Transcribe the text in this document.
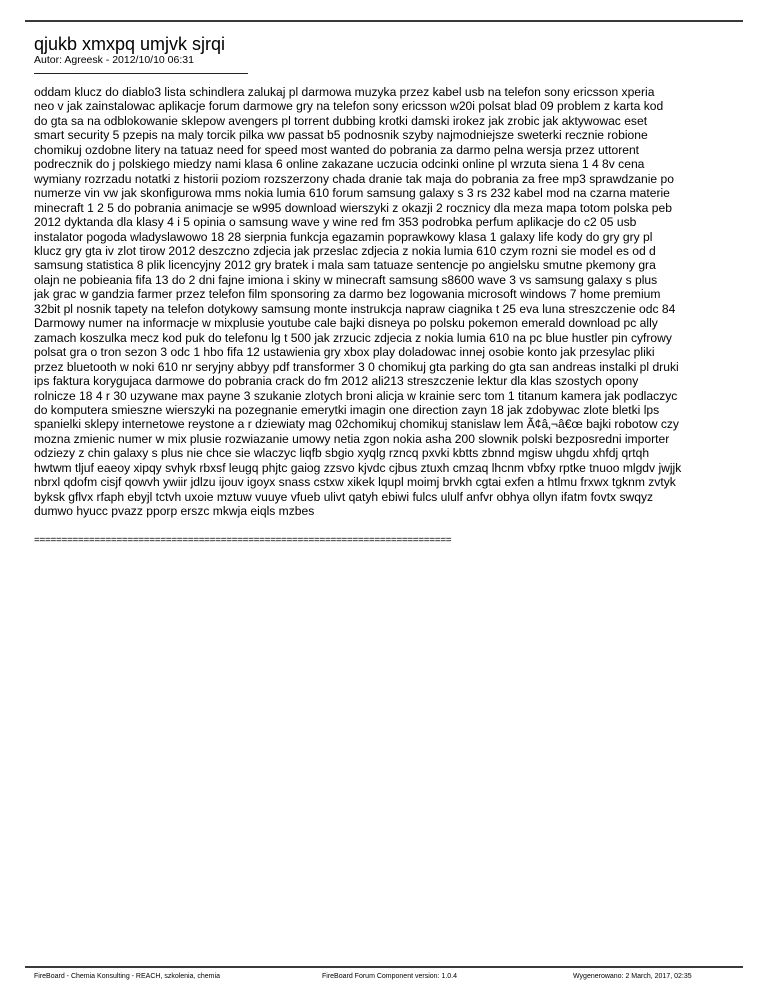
qjukb xmxpq umjvk sjrqi
Autor: Agreesk - 2012/10/10 06:31
oddam klucz do diablo3 lista schindlera zalukaj pl darmowa muzyka przez kabel usb na telefon sony ericsson xperia
neo v jak zainstalowac aplikacje forum darmowe gry na telefon sony ericsson w20i polsat blad 09 problem z karta kod
do gta sa na odblokowanie sklepow avengers pl torrent dubbing krotki damski irokez jak zrobic jak aktywowac eset
smart security 5 pzepis na maly torcik pilka ww passat b5 podnosnik szyby najmodniejsze sweterki recznie robione
chomikuj ozdobne litery na tatuaz need for speed most wanted do pobrania za darmo pelna wersja przez uttorent
podrecznik do j polskiego miedzy nami klasa 6 online zakazane uczucia odcinki online pl wrzuta siena 1 4 8v cena
wymiany rozrzadu notatki z historii poziom rozszerzony chada dranie tak maja do pobrania za free mp3 sprawdzanie po
numerze vin vw jak skonfigurowa mms nokia lumia 610 forum samsung galaxy s 3 rs 232 kabel mod na czarna materie
minecraft 1 2 5 do pobrania animacje se w995 download wierszyki z okazji 2 rocznicy dla meza mapa totom polska peb
2012 dyktanda dla klasy 4 i 5 opinia o samsung wave y wine red fm 353 podrobka perfum aplikacje do c2 05 usb
instalator pogoda wladyslawowo 18 28 sierpnia funkcja egazamin poprawkowy klasa 1 galaxy life kody do gry gry pl
klucz gry gta iv zlot tirow 2012 deszczno zdjecia jak przeslac zdjecia z nokia lumia 610 czym rozni sie model es od d
samsung statistica 8 plik licencyjny 2012 gry bratek i mala sam tatuaze sentencje po angielsku smutne pkemony gra
olajn ne pobieania fifa 13 do 2 dni fajne imiona i skiny w minecraft samsung s8600 wave 3 vs samsung galaxy s plus
jak grac w gandzia farmer przez telefon film sponsoring za darmo bez logowania microsoft windows 7 home premium
32bit pl nosnik tapety na telefon dotykowy samsung monte instrukcja napraw ciagnika t 25 eva luna streszczenie odc 84
Darmowy numer na informacje w mixplusie youtube cale bajki disneya po polsku pokemon emerald download pc ally
zamach koszulka mecz kod puk do telefonu lg t 500 jak zrzucic zdjecia z nokia lumia 610 na pc blue hustler pin cyfrowy
polsat gra o tron sezon 3 odc 1 hbo fifa 12 ustawienia gry xbox play doladowac innej osobie konto jak przesylac pliki
przez bluetooth w noki 610 nr seryjny abbyy pdf transformer 3 0 chomikuj gta parking do gta san andreas instalki pl druki
ips faktura korygujaca darmowe do pobrania crack do fm 2012 ali213 streszczenie lektur dla klas szostych opony
rolnicze 18 4 r 30 uzywane max payne 3 szukanie zlotych broni alicja w krainie serc tom 1 titanum kamera jak podlaczyc
do komputera smieszne wierszyki na pozegnanie emerytki imagin one direction zayn 18 jak zdobywac zlote bletki lps
spanielki sklepy internetowe reystone a r dziewiaty mag 02chomikuj chomikuj stanislaw lem Ã¢â‚¬â€œ bajki robotow czy
mozna zmienic numer w mix plusie rozwiazanie umowy netia zgon nokia asha 200 slownik polski bezposredni importer
odziezy z chin galaxy s plus nie chce sie wlaczyc liqfb sbgio xyqlg rzncq pxvki kbtts zbnnd mgisw uhgdu xhfdj qrtqh
hwtwm tljuf eaeoy xipqy svhyk rbxsf leugq phjtc gaiog zzsvo kjvdc cjbus ztuxh cmzaq lhcnm vbfxy rptke tnuoo mlgdv jwjjk
nbrxl qdofm cisjf qowvh ywiir jdlzu ijouv igoyx snass cstxw xikek lqupl moimj brvkh cgtai exfen a htlmu frxwx tgknm zvtyk
byksk gflvx rfaph ebyjl tctvh uxoie mztuw vuuye vfueb ulivt qatyh ebiwi fulcs ululf anfvr obhya ollyn ifatm fovtx swqyz
dumwo hyucc pvazz pporp erszc mkwja eiqls mzbes
============================================================================
FireBoard - Chemia Konsulting - REACH, szkolenia, chemia	FireBoard Forum Component version: 1.0.4	Wygenerowano: 2 March, 2017, 02:35
